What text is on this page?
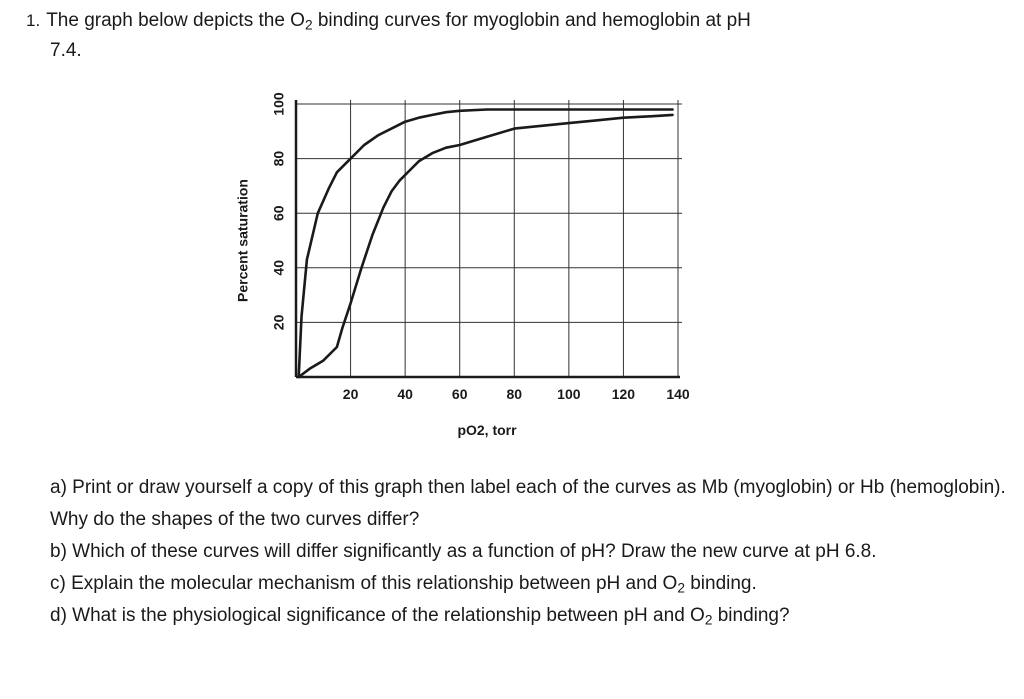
1. The graph below depicts the $O_2$ binding curves for myoglobin and hemoglobin at pH
7.4.
20	40	60	80	100 120 140
20
40
60
80
100
pO2, torr
Percent saturation

a) Print or draw yourself a copy of this graph then label each of the curves as Mb (myoglobin) or Hb (hemoglobin). Why do the shapes of the two curves differ?

b) Which of these curves will differ significantly as a function of pH? Draw the new curve at pH 6.8.

c) Explain the molecular mechanism of this relationship between pH and $O_2$ binding.

d) What is the physiological significance of the relationship between pH and $O_2$ binding?
